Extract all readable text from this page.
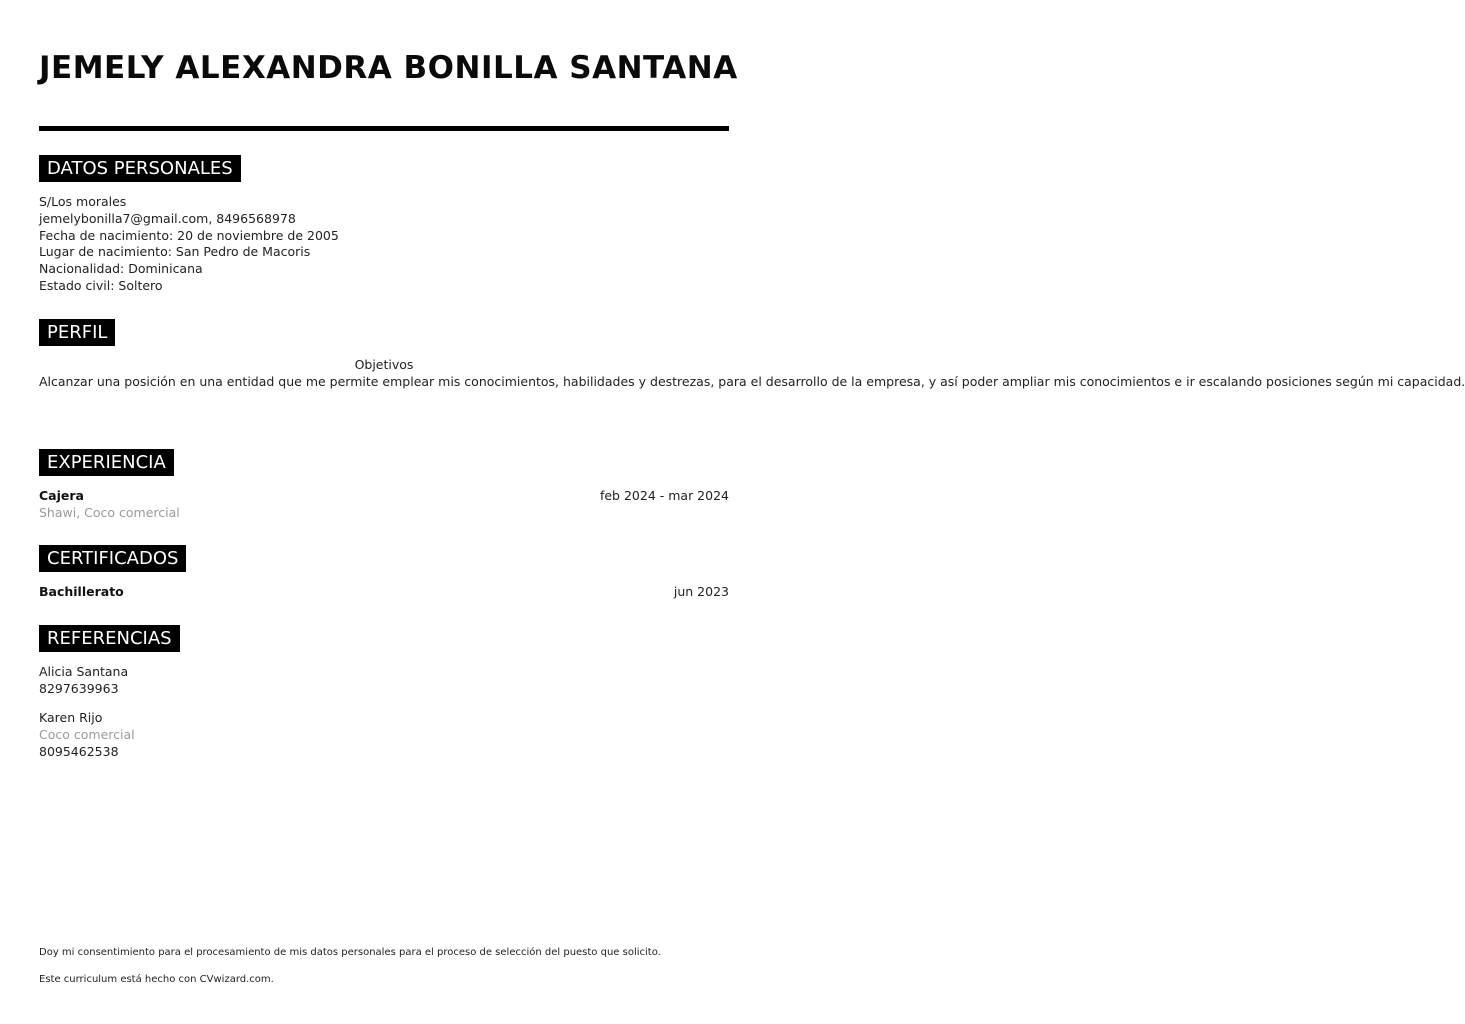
JEMELY ALEXANDRA BONILLA SANTANA
DATOS PERSONALES
S/Los morales
jemelybonilla7@gmail.com, 8496568978
Fecha de nacimiento: 20 de noviembre de 2005
Lugar de nacimiento: San Pedro de Macoris
Nacionalidad: Dominicana
Estado civil: Soltero
PERFIL
Objetivos
Alcanzar una posición en una entidad que me permite emplear mis conocimientos, habilidades y destrezas, para el desarrollo de la empresa, y así poder ampliar mis conocimientos e ir escalando posiciones según mi capacidad.
EXPERIENCIA
Cajera	feb 2024 - mar 2024
Shawi, Coco comercial
CERTIFICADOS
Bachillerato	jun 2023
REFERENCIAS
Alicia Santana
8297639963
Karen Rijo
Coco comercial
8095462538
Doy mi consentimiento para el procesamiento de mis datos personales para el proceso de selección del puesto que solicito.
Este curriculum está hecho con CVwizard.com.
